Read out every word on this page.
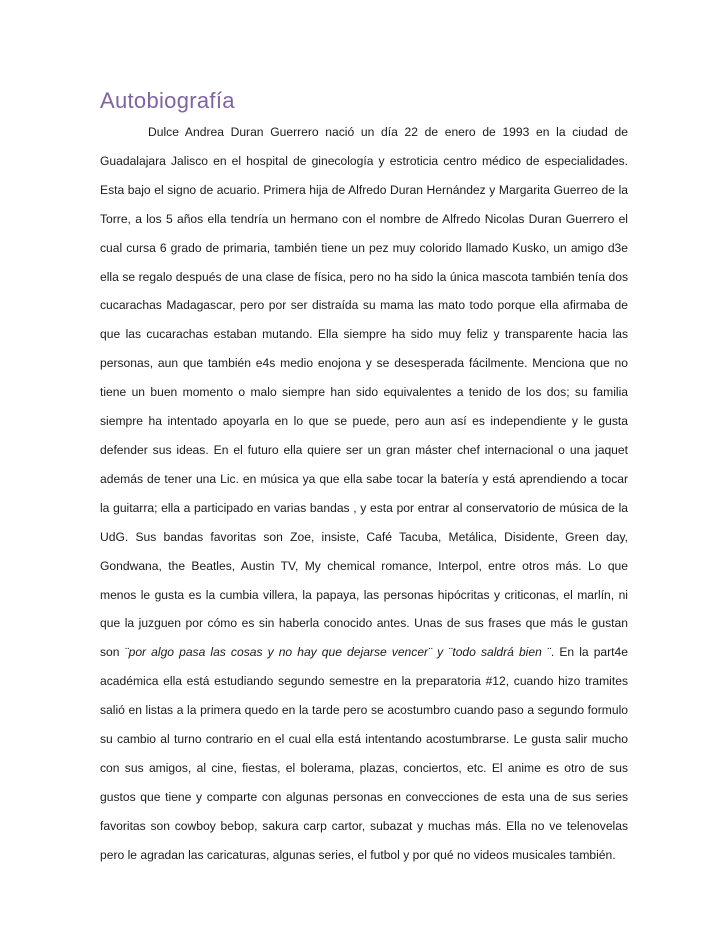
Autobiografía

Dulce Andrea Duran Guerrero nació un día 22 de enero de 1993 en la ciudad de Guadalajara Jalisco en el hospital de ginecología y estroticia centro médico de especialidades. Esta bajo el signo de acuario. Primera hija de Alfredo Duran Hernández y Margarita Guerreo de la Torre, a los 5 años ella tendría un hermano con el nombre de Alfredo Nicolas Duran Guerrero el cual cursa 6 grado de primaria, también tiene un pez muy colorido llamado Kusko, un amigo d3e ella se regalo después de una clase de física, pero no ha sido la única mascota también tenía dos cucarachas Madagascar, pero por ser distraída su mama las mato todo porque ella afirmaba de que las cucarachas estaban mutando. Ella siempre ha sido muy feliz y transparente hacia las personas, aun que también e4s medio enojona y se desesperada fácilmente. Menciona que no tiene un buen momento o malo siempre han sido equivalentes a tenido de los dos; su familia siempre ha intentado apoyarla en lo que se puede, pero aun así es independiente y le gusta defender sus ideas. En el futuro ella quiere ser un gran máster chef internacional o una jaquet además de tener una Lic. en música ya que ella sabe tocar la batería y está aprendiendo a tocar la guitarra; ella a participado en varias bandas , y esta por entrar al conservatorio de música de la UdG. Sus bandas favoritas son Zoe, insiste, Café Tacuba, Metálica, Disidente, Green day, Gondwana, the Beatles, Austin TV, My chemical romance, Interpol, entre otros más. Lo que menos le gusta es la cumbia villera, la papaya, las personas hipócritas y criticonas, el marlín, ni que la juzguen por cómo es sin haberla conocido antes. Unas de sus frases que más le gustan son ¨por algo pasa las cosas y no hay que dejarse vencer¨ y ¨todo saldrá bien ¨. En la part4e académica ella está estudiando segundo semestre en la preparatoria #12, cuando hizo tramites salió en listas a la primera quedo en la tarde pero se acostumbro cuando paso a segundo formulo su cambio al turno contrario en el cual ella está intentando acostumbrarse. Le gusta salir mucho con sus amigos, al cine, fiestas, el bolerama, plazas, conciertos, etc. El anime es otro de sus gustos que tiene y comparte con algunas personas en convecciones de esta una de sus series favoritas son cowboy bebop, sakura carp cartor, subazat y muchas más. Ella no ve telenovelas pero le agradan las caricaturas, algunas series, el futbol y por qué no videos musicales también.
